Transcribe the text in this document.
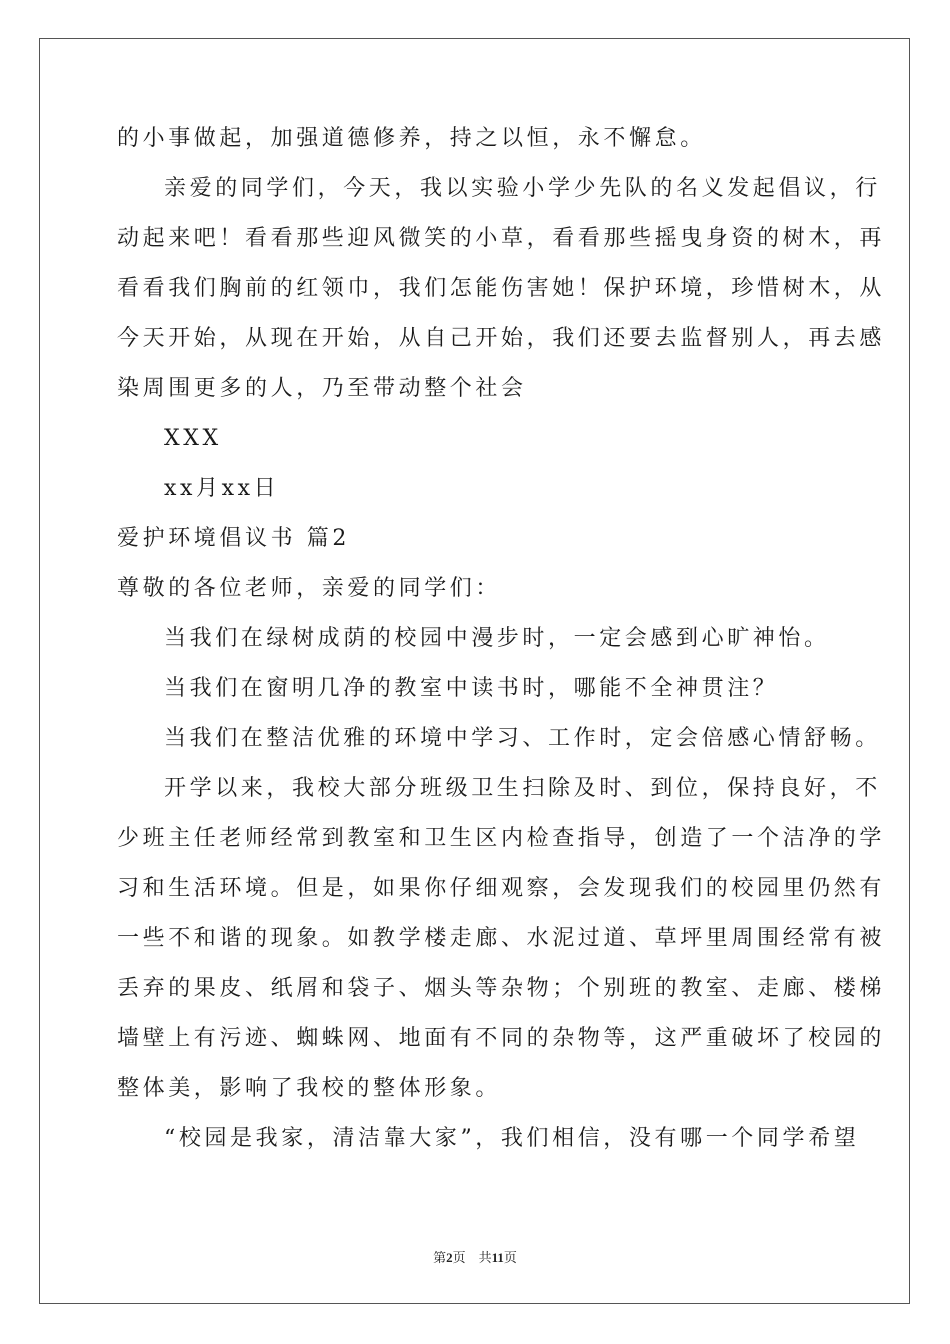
的小事做起，加强道德修养，持之以恒，永不懈怠。
亲爱的同学们，今天，我以实验小学少先队的名义发起倡议，行
动起来吧！看看那些迎风微笑的小草，看看那些摇曳身资的树木，再
看看我们胸前的红领巾，我们怎能伤害她！保护环境，珍惜树木，从
今天开始，从现在开始，从自己开始，我们还要去监督别人，再去感
染周围更多的人，乃至带动整个社会
XXX
xx月xx日
爱护环境倡议书 篇2
尊敬的各位老师，亲爱的同学们：
当我们在绿树成荫的校园中漫步时，一定会感到心旷神怡。
当我们在窗明几净的教室中读书时，哪能不全神贯注？
当我们在整洁优雅的环境中学习、工作时，定会倍感心情舒畅。
开学以来，我校大部分班级卫生扫除及时、到位，保持良好，不
少班主任老师经常到教室和卫生区内检查指导，创造了一个洁净的学
习和生活环境。但是，如果你仔细观察，会发现我们的校园里仍然有
一些不和谐的现象。如教学楼走廊、水泥过道、草坪里周围经常有被
丢弃的果皮、纸屑和袋子、烟头等杂物；个别班的教室、走廊、楼梯
墙壁上有污迹、蜘蛛网、地面有不同的杂物等，这严重破坏了校园的
整体美，影响了我校的整体形象。
“校园是我家，清洁靠大家”，我们相信，没有哪一个同学希望
第2页　共11页
